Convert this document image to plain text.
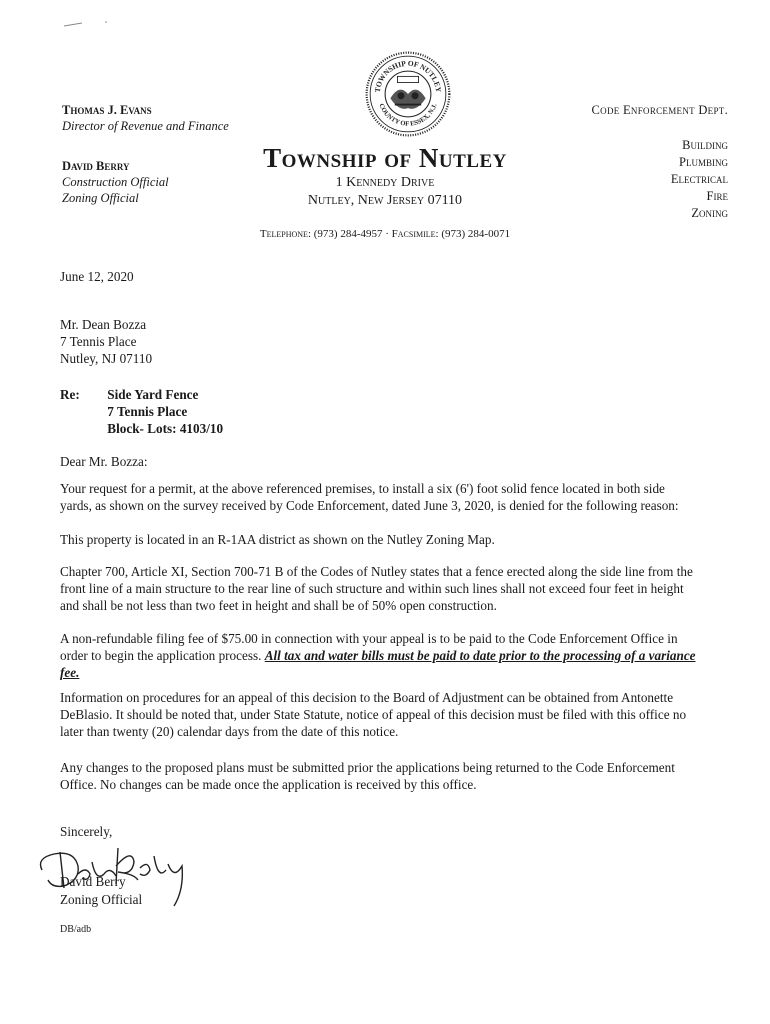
Thomas J. Evans
Director of Revenue and Finance
David Berry
Construction Official
Zoning Official
TOWNSHIP OF NUTLEY
COUNTY OF ESSEX, N.J.
Township of Nutley
1 Kennedy Drive
Nutley, New Jersey 07110
Telephone: (973) 284-4957 · Facsimile: (973) 284-0071
Code Enforcement Dept.
Building
Plumbing
Electrical
Fire
Zoning
June 12, 2020
Mr. Dean Bozza
7 Tennis Place
Nutley, NJ 07110
Re: Side Yard Fence
7 Tennis Place
Block- Lots: 4103/10
Dear Mr. Bozza:

Your request for a permit, at the above referenced premises, to install a six (6') foot solid fence located in both side yards, as shown on the survey received by Code Enforcement, dated June 3, 2020, is denied for the following reason:

This property is located in an R-1AA district as shown on the Nutley Zoning Map.

Chapter 700, Article XI, Section 700-71 B of the Codes of Nutley states that a fence erected along the side line from the front line of a main structure to the rear line of such structure and within such lines shall not exceed four feet in height and shall be not less than two feet in height and shall be of 50% open construction.

A non-refundable filing fee of $75.00 in connection with your appeal is to be paid to the Code Enforcement Office in order to begin the application process. All tax and water bills must be paid to date prior to the processing of a variance fee.

Information on procedures for an appeal of this decision to the Board of Adjustment can be obtained from Antonette DeBlasio. It should be noted that, under State Statute, notice of appeal of this decision must be filed with this office no later than twenty (20) calendar days from the date of this notice.

Any changes to the proposed plans must be submitted prior the applications being returned to the Code Enforcement Office. No changes can be made once the application is received by this office.

Sincerely,
David Berry
Zoning Official
DB/adb
